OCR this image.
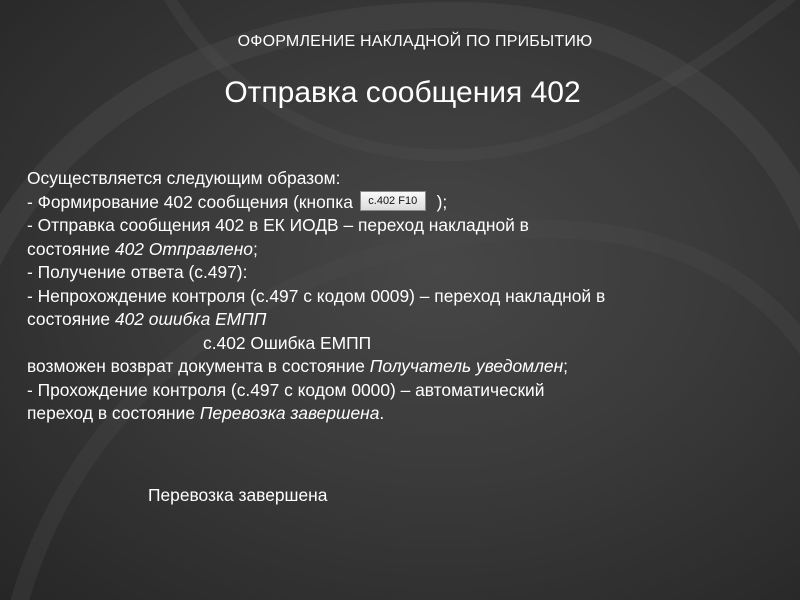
ОФОРМЛЕНИЕ НАКЛАДНОЙ ПО ПРИБЫТИЮ
Отправка сообщения 402
Осуществляется следующим образом:
- Формирование 402 сообщения (кнопка с.402 F10 );
- Отправка сообщения 402 в ЕК ИОДВ – переход накладной в
состояние 402 Отправлено;
- Получение ответа (с.497):
- Непрохождение контроля (с.497 с кодом 0009) – переход накладной в
состояние 402 ошибка ЕМПП
с.402 Ошибка ЕМПП
возможен возврат документа в состояние Получатель уведомлен;
- Прохождение контроля (с.497 с кодом 0000) – автоматический
переход в состояние Перевозка завершена.
Перевозка завершена
